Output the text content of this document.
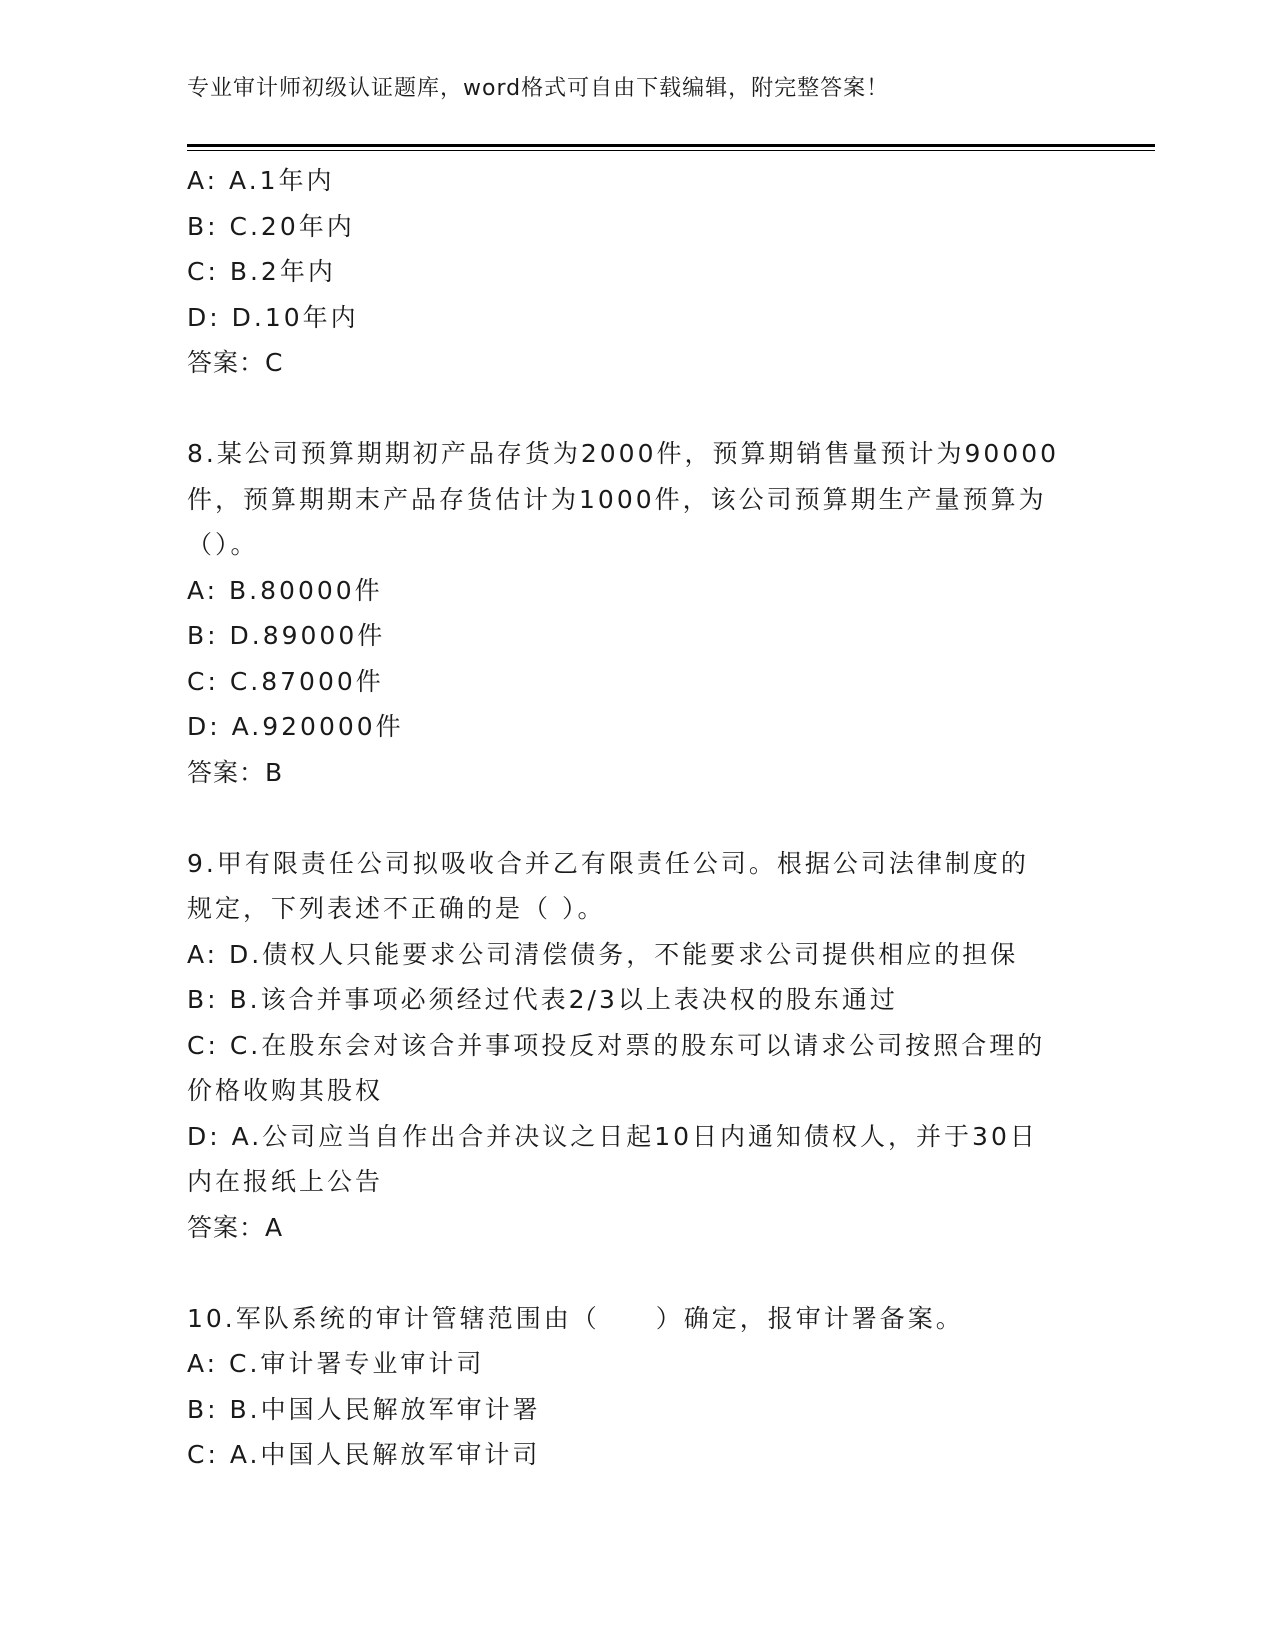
专业审计师初级认证题库，word格式可自由下载编辑，附完整答案！
A: A.1年内
B: C.20年内
C: B.2年内
D: D.10年内
答案：C
8.某公司预算期期初产品存货为2000件，预算期销售量预计为90000
件，预算期期末产品存货估计为1000件，该公司预算期生产量预算为
（）。
A: B.80000件
B: D.89000件
C: C.87000件
D: A.920000件
答案：B
9.甲有限责任公司拟吸收合并乙有限责任公司。根据公司法律制度的
规定，下列表述不正确的是（ ）。
A: D.债权人只能要求公司清偿债务，不能要求公司提供相应的担保
B: B.该合并事项必须经过代表2/3以上表决权的股东通过
C: C.在股东会对该合并事项投反对票的股东可以请求公司按照合理的
价格收购其股权
D: A.公司应当自作出合并决议之日起10日内通知债权人，并于30日
内在报纸上公告
答案：A
10.军队系统的审计管辖范围由（　　）确定，报审计署备案。
A: C.审计署专业审计司
B: B.中国人民解放军审计署
C: A.中国人民解放军审计司
